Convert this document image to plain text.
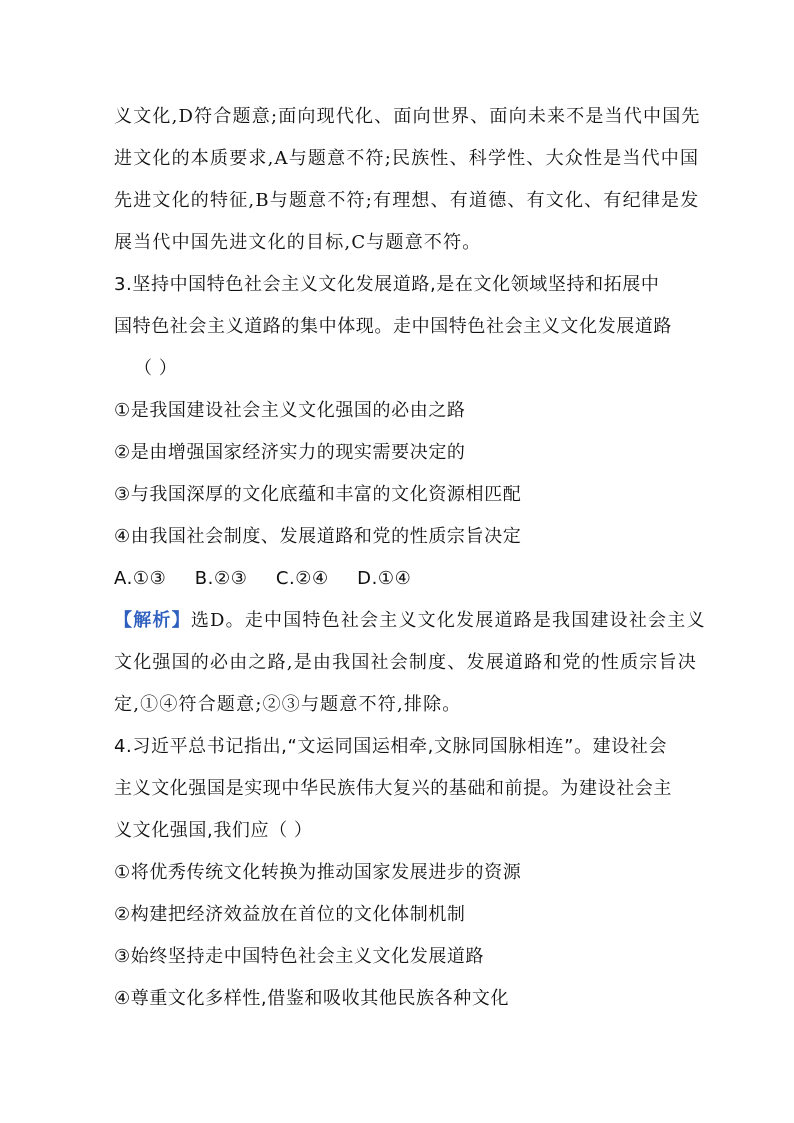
义文化,D符合题意;面向现代化、面向世界、面向未来不是当代中国先
进文化的本质要求,A与题意不符;民族性、科学性、大众性是当代中国
先进文化的特征,B与题意不符;有理想、有道德、有文化、有纪律是发
展当代中国先进文化的目标,C与题意不符。
3.坚持中国特色社会主义文化发展道路,是在文化领域坚持和拓展中
国特色社会主义道路的集中体现。走中国特色社会主义文化发展道路
（ ）
①是我国建设社会主义文化强国的必由之路
②是由增强国家经济实力的现实需要决定的
③与我国深厚的文化底蕴和丰富的文化资源相匹配
④由我国社会制度、发展道路和党的性质宗旨决定
A.①③ B.②③ C.②④ D.①④
【解析】选D。走中国特色社会主义文化发展道路是我国建设社会主义
文化强国的必由之路,是由我国社会制度、发展道路和党的性质宗旨决
定,①④符合题意;②③与题意不符,排除。
4.习近平总书记指出,“文运同国运相牵,文脉同国脉相连”。建设社会
主义文化强国是实现中华民族伟大复兴的基础和前提。为建设社会主
义文化强国,我们应（ ）
①将优秀传统文化转换为推动国家发展进步的资源
②构建把经济效益放在首位的文化体制机制
③始终坚持走中国特色社会主义文化发展道路
④尊重文化多样性,借鉴和吸收其他民族各种文化
